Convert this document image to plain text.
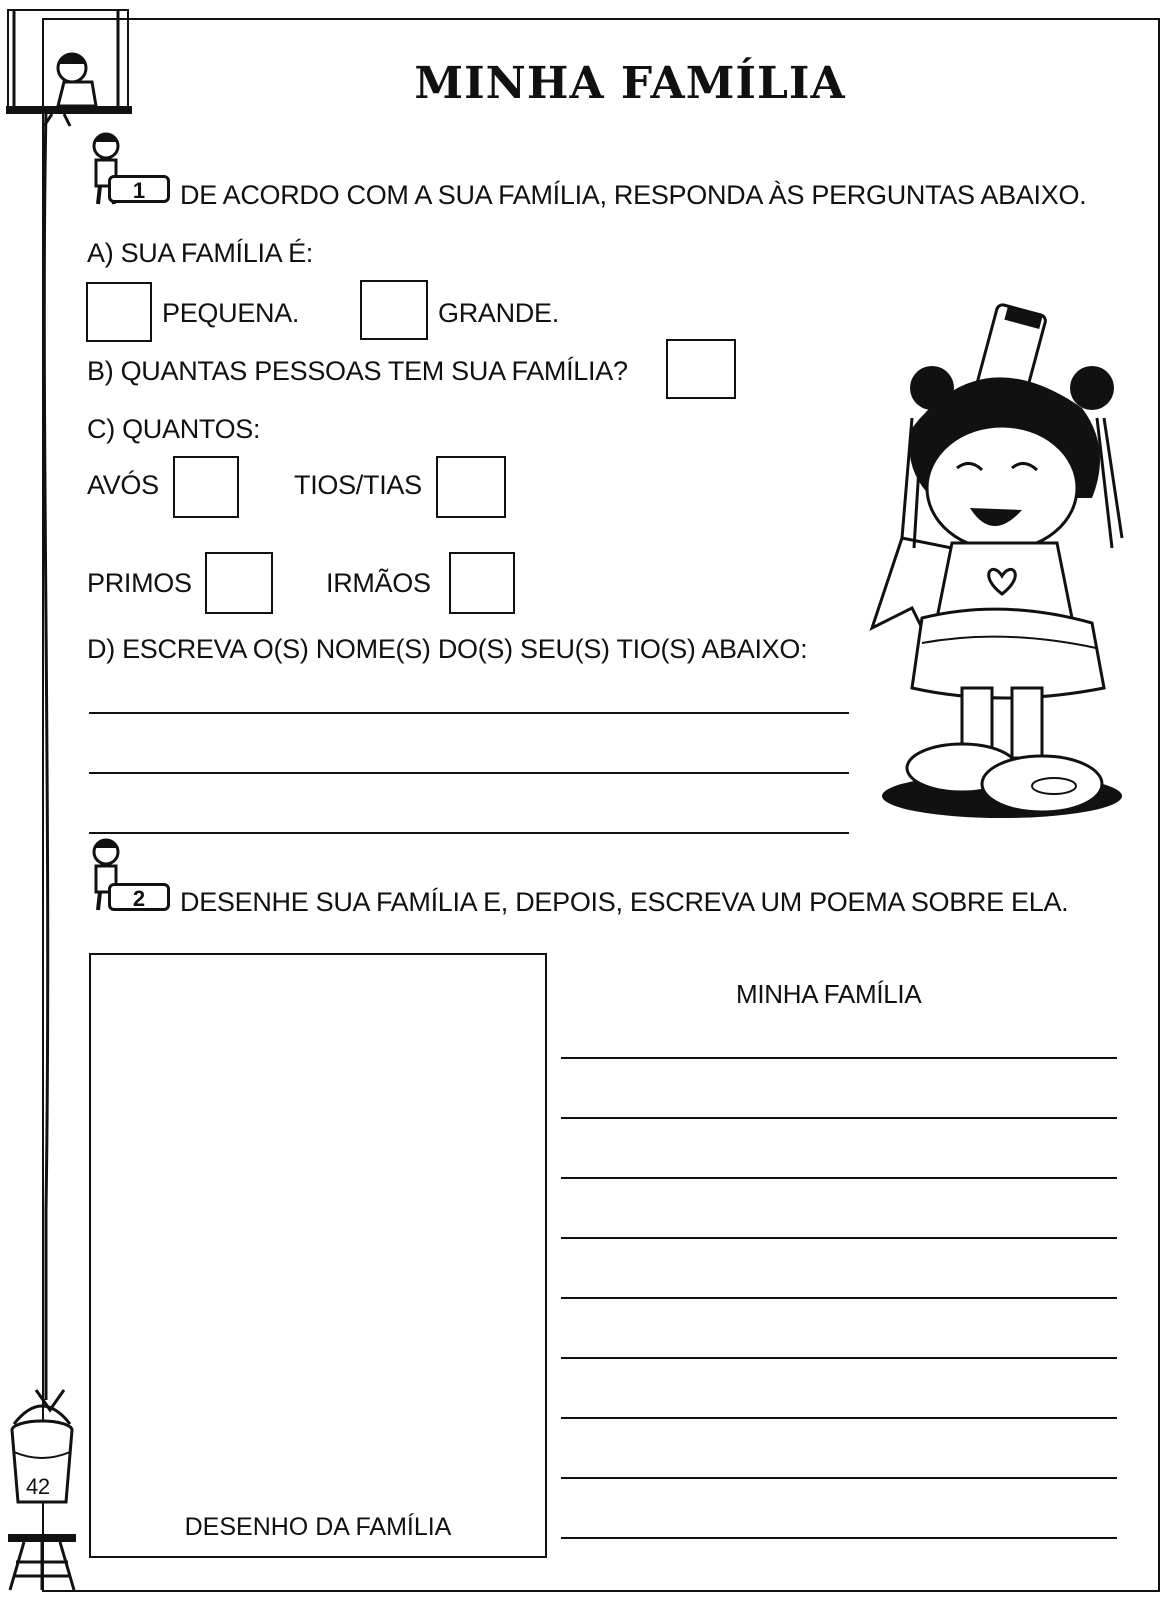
MINHA FAMÍLIA
1	DE ACORDO COM A SUA FAMÍLIA, RESPONDA ÀS PERGUNTAS ABAIXO.
A) SUA FAMÍLIA É:
PEQUENA.	GRANDE.
B) QUANTAS PESSOAS TEM SUA FAMÍLIA?
C) QUANTOS:
AVÓS	TIOS/TIAS
PRIMOS	IRMÃOS
D) ESCREVA O(S) NOME(S) DO(S) SEU(S) TIO(S) ABAIXO:
2	DESENHE SUA FAMÍLIA E, DEPOIS, ESCREVA UM POEMA SOBRE ELA.
DESENHO DA FAMÍLIA
MINHA FAMÍLIA
42
